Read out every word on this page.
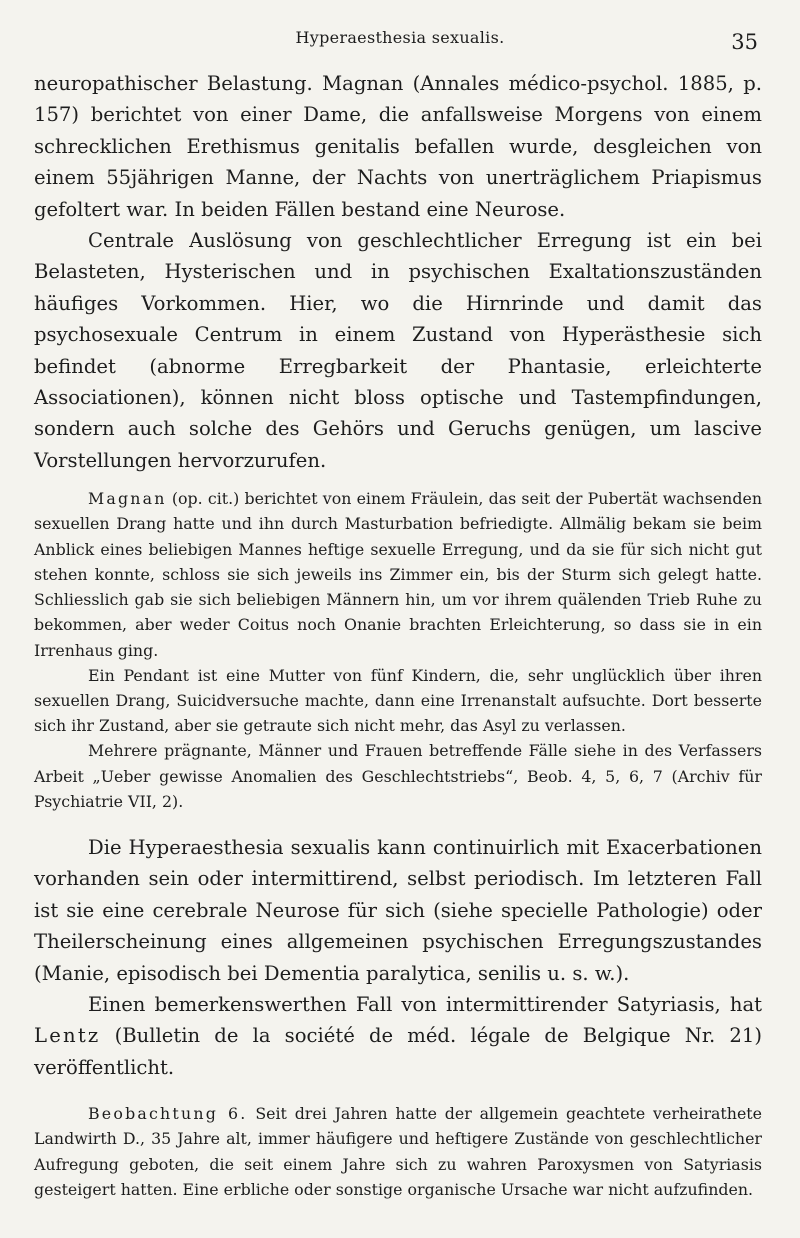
Hyperaesthesia sexualis.	35

neuropathischer Belastung. Magnan (Annales médico-psychol. 1885, p. 157) berichtet von einer Dame, die anfallsweise Morgens von einem schrecklichen Erethismus genitalis befallen wurde, desgleichen von einem 55jährigen Manne, der Nachts von unerträglichem Priapismus gefoltert war. In beiden Fällen bestand eine Neurose.

Centrale Auslösung von geschlechtlicher Erregung ist ein bei Belasteten, Hysterischen und in psychischen Exaltationszuständen häufiges Vorkommen. Hier, wo die Hirnrinde und damit das psychosexuale Centrum in einem Zustand von Hyperästhesie sich befindet (abnorme Erregbarkeit der Phantasie, erleichterte Associationen), können nicht bloss optische und Tastempfindungen, sondern auch solche des Gehörs und Geruchs genügen, um lascive Vorstellungen hervorzurufen.

Magnan (op. cit.) berichtet von einem Fräulein, das seit der Pubertät wachsenden sexuellen Drang hatte und ihn durch Masturbation befriedigte. Allmälig bekam sie beim Anblick eines beliebigen Mannes heftige sexuelle Erregung, und da sie für sich nicht gut stehen konnte, schloss sie sich jeweils ins Zimmer ein, bis der Sturm sich gelegt hatte. Schliesslich gab sie sich beliebigen Männern hin, um vor ihrem quälenden Trieb Ruhe zu bekommen, aber weder Coitus noch Onanie brachten Erleichterung, so dass sie in ein Irrenhaus ging.

Ein Pendant ist eine Mutter von fünf Kindern, die, sehr unglücklich über ihren sexuellen Drang, Suicidversuche machte, dann eine Irrenanstalt aufsuchte. Dort besserte sich ihr Zustand, aber sie getraute sich nicht mehr, das Asyl zu verlassen.

Mehrere prägnante, Männer und Frauen betreffende Fälle siehe in des Verfassers Arbeit „Ueber gewisse Anomalien des Geschlechtstriebs“, Beob. 4, 5, 6, 7 (Archiv für Psychiatrie VII, 2).

Die Hyperaesthesia sexualis kann continuirlich mit Exacerbationen vorhanden sein oder intermittirend, selbst periodisch. Im letzteren Fall ist sie eine cerebrale Neurose für sich (siehe specielle Pathologie) oder Theilerscheinung eines allgemeinen psychischen Erregungszustandes (Manie, episodisch bei Dementia paralytica, senilis u. s. w.).

Einen bemerkenswerthen Fall von intermittirender Satyriasis, hat Lentz (Bulletin de la société de méd. légale de Belgique Nr. 21) veröffentlicht.

Beobachtung 6. Seit drei Jahren hatte der allgemein geachtete verheirathete Landwirth D., 35 Jahre alt, immer häufigere und heftigere Zustände von geschlechtlicher Aufregung geboten, die seit einem Jahre sich zu wahren Paroxysmen von Satyriasis gesteigert hatten. Eine erbliche oder sonstige organische Ursache war nicht aufzufinden.
